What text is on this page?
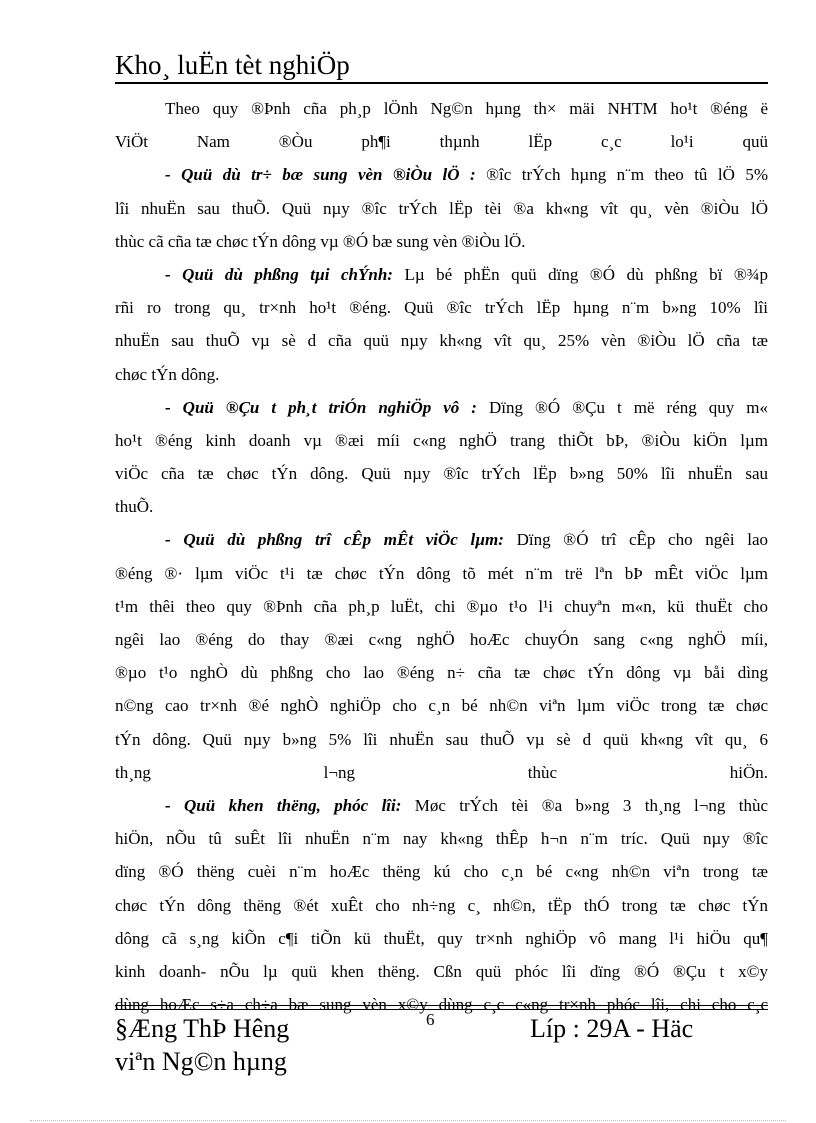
Kho¸ luËn tèt nghiÖp
Theo quy ®Þnh cña ph¸p lÖnh Ng©n hµng th× mäi NHTM ho¹t ®éng ë
ViÖt Nam ®Òu ph¶i thµnh lËp c¸c lo¹i quü
- Quü dù tr÷ bæ sung vèn ®iÒu lÖ : ®îc trÝch hµng n¨m theo tû lÖ 5%
lîi nhuËn sau thuÕ. Quü nµy ®îc trÝch lËp tèi ®a kh«ng vît qu¸ vèn ®iÒu lÖ
thùc cã cña tæ chøc tÝn dông vµ ®Ó bæ sung vèn ®iÒu lÖ.
- Quü dù phßng tµi chÝnh: Lµ bé phËn quü dïng ®Ó dù phßng bï ®¾p
rñi ro trong qu¸ tr×nh ho¹t ®éng. Quü ®îc trÝch lËp hµng n¨m b»ng 10% lîi
nhuËn sau thuÕ vµ sè d cña quü nµy kh«ng vît qu¸ 25% vèn ®iÒu lÖ cña tæ
chøc tÝn dông.
- Quü ®Çu t ph¸t triÓn nghiÖp vô : Dïng ®Ó ®Çu t më réng quy m«
ho¹t ®éng kinh doanh vµ ®æi míi c«ng nghÖ trang thiÕt bÞ, ®iÒu kiÖn lµm
viÖc cña tæ chøc tÝn dông. Quü nµy ®îc trÝch lËp b»ng 50% lîi nhuËn sau
thuÕ.
- Quü dù phßng trî cÊp mÊt viÖc lµm: Dïng ®Ó trî cÊp cho ngêi lao
®éng ®· lµm viÖc t¹i tæ chøc tÝn dông tõ mét n¨m trë lªn bÞ mÊt viÖc lµm
t¹m thêi theo quy ®Þnh cña ph¸p luËt, chi ®µo t¹o l¹i chuyªn m«n, kü thuËt cho
ngêi lao ®éng do thay ®æi c«ng nghÖ hoÆc chuyÓn sang c«ng nghÖ míi,
®µo t¹o nghÒ dù phßng cho lao ®éng n÷ cña tæ chøc tÝn dông vµ båi dìng
n©ng cao tr×nh ®é nghÒ nghiÖp cho c¸n bé nh©n viªn lµm viÖc trong tæ chøc
tÝn dông. Quü nµy b»ng 5% lîi nhuËn sau thuÕ vµ sè d quü kh«ng vît qu¸ 6
th¸ng l¬ng thùc hiÖn.
- Quü khen thëng, phóc lîi: Møc trÝch tèi ®a b»ng 3 th¸ng l¬ng thùc
hiÖn, nÕu tû suÊt lîi nhuËn n¨m nay kh«ng thÊp h¬n n¨m tríc. Quü nµy ®îc
dïng ®Ó thëng cuèi n¨m hoÆc thëng kú cho c¸n bé c«ng nh©n viªn trong tæ
chøc tÝn dông thëng ®ét xuÊt cho nh÷ng c¸ nh©n, tËp thÓ trong tæ chøc tÝn
dông cã s¸ng kiÕn c¶i tiÕn kü thuËt, quy tr×nh nghiÖp vô mang l¹i hiÖu qu¶
kinh doanh- nÕu lµ quü khen thëng. Cßn quü phóc lîi dïng ®Ó ®Çu t x©y
dùng hoÆc s÷a ch÷a bæ sung vèn x©y dùng c¸c c«ng tr×nh phóc lîi, chi cho c¸c
§Æng ThÞ Hêng
viªn Ng©n hµng
6	Líp : 29A - Häc
